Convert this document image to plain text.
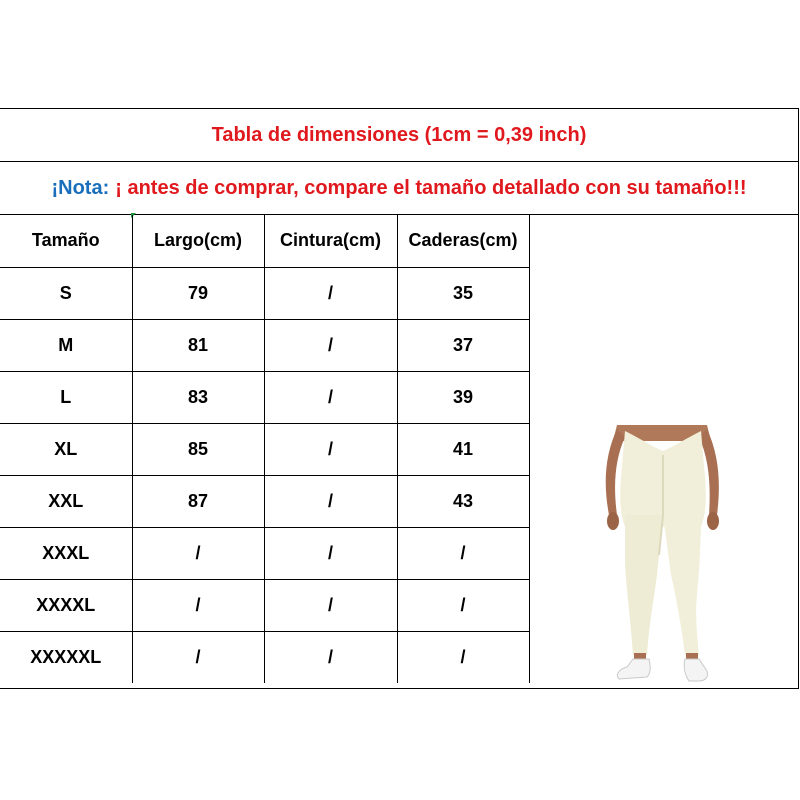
Tabla de dimensiones (1cm = 0,39 inch)
¡Nota: ¡ antes de comprar, compare el tamaño detallado con su tamaño!!!
Tamaño	Largo(cm)	Cintura(cm)	Caderas(cm)
S	79	/	35
M	81	/	37
L	83	/	39
XL	85	/	41
XXL	87	/	43
XXXL	/	/	/
XXXXL	/	/	/
XXXXXL	/	/	/
